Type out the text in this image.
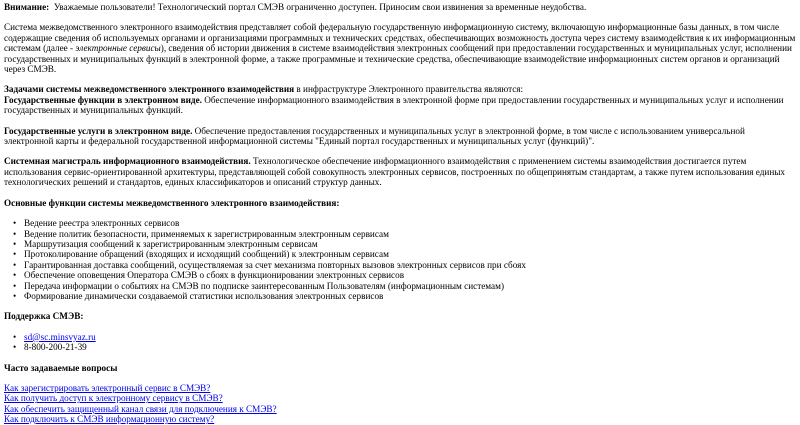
Внимание: Уважаемые пользователи! Технологический портал СМЭВ ограниченно доступен. Приносим свои извинения за временные неудобства.

Система межведомственного электронного взаимодействия представляет собой федеральную государственную информационную систему, включающую информационные базы данных, в том числе содержащие сведения об используемых органами и организациями программных и технических средствах, обеспечивающих возможность доступа через систему взаимодействия к их информационным системам (далее - электронные сервисы), сведения об истории движения в системе взаимодействия электронных сообщений при предоставлении государственных и муниципальных услуг, исполнении государственных и муниципальных функций в электронной форме, а также программные и технические средства, обеспечивающие взаимодействие информационных систем органов и организаций через СМЭВ.

Задачами системы межведомственного электронного взаимодействия в инфраструктуре Электронного правительства являются:

Государственные функции в электронном виде. Обеспечение информационного взаимодействия в электронной форме при предоставлении государственных и муниципальных услуг и исполнении государственных и муниципальных функций.

Государственные услуги в электронном виде. Обеспечение предоставления государственных и муниципальных услуг в электронной форме, в том числе с использованием универсальной электронной карты и федеральной государственной информационной системы "Единый портал государственных и муниципальных услуг (функций)".

Системная магистраль информационного взаимодействия. Технологическое обеспечение информационного взаимодействия с применением системы взаимодействия достигается путем использования сервис-ориентированной архитектуры, представляющей собой совокупность электронных сервисов, построенных по общепринятым стандартам, а также путем использования единых технологических решений и стандартов, единых классификаторов и описаний структур данных.

Основные функции системы межведомственного электронного взаимодействия:
• Ведение реестра электронных сервисов
• Ведение политик безопасности, применяемых к зарегистрированным электронным сервисам
• Маршрутизация сообщений к зарегистрированным электронным сервисам
• Протоколирование обращений (входящих и исходящий сообщений) к электронным сервисам
• Гарантированная доставка сообщений, осуществляемая за счет механизма повторных вызовов электронных сервисов при сбоях
• Обеспечение оповещения Оператора СМЭВ о сбоях в функционировании электронных сервисов
• Передача информации о событиях на СМЭВ по подписке заинтересованным Пользователям (информационным системам)
• Формирование динамически создаваемой статистики использования электронных сервисов
Поддержка СМЭВ:
• sd@sc.minsvyaz.ru
• 8-800-200-21-39
Часто задаваемые вопросы
Как зарегистрировать электронный сервис в СМЭВ?
Как получить доступ к электронному сервису в СМЭВ?
Как обеспечить защищенный канал связи для подключения к СМЭВ?
Как подключить к СМЭВ информационную систему?
